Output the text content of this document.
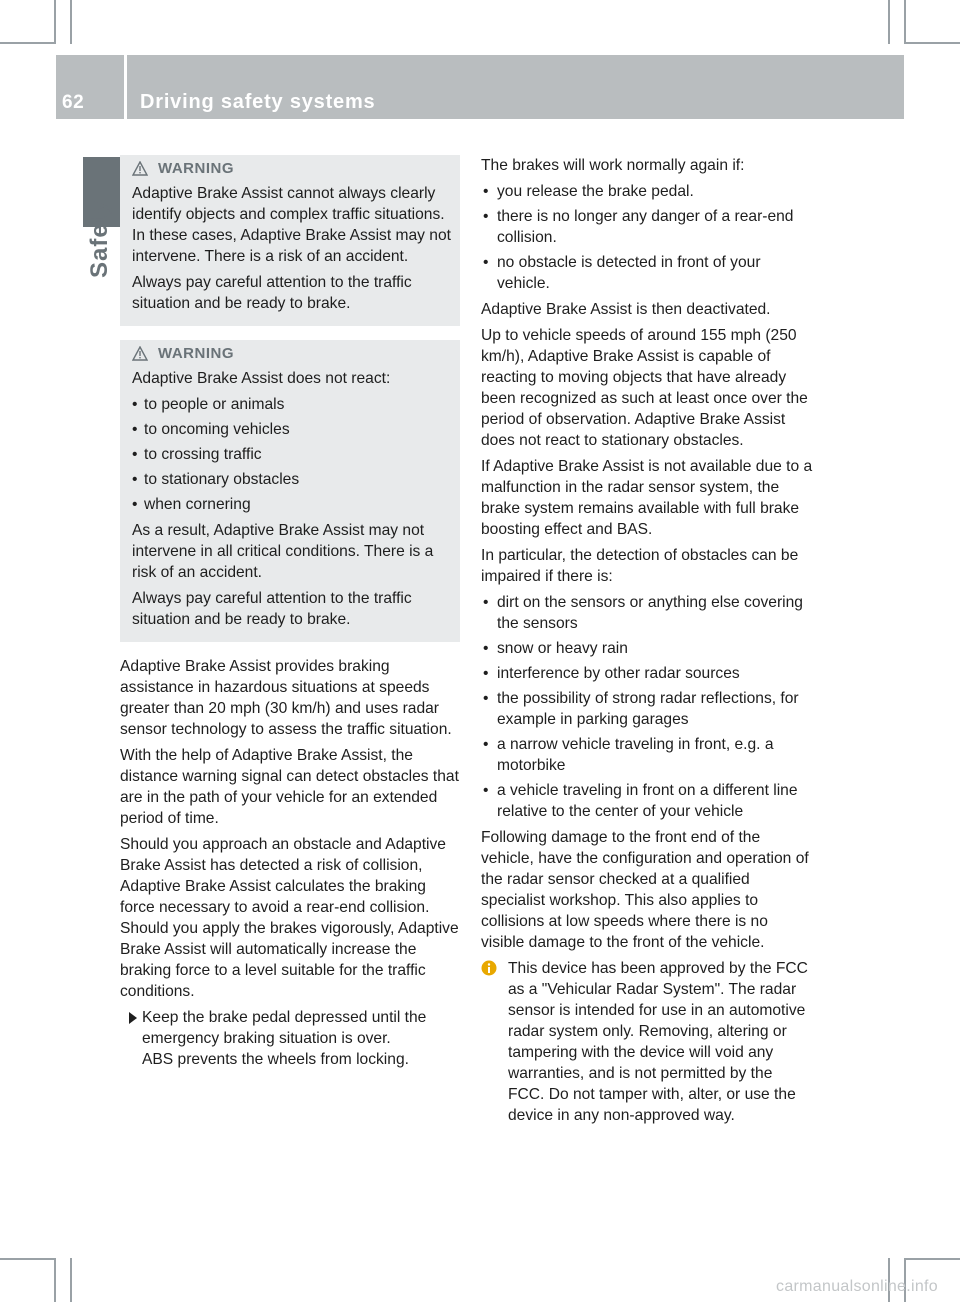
62	Driving safety systems
Safety
WARNING

Adaptive Brake Assist cannot always clearly identify objects and complex traffic situations. In these cases, Adaptive Brake Assist may not intervene. There is a risk of an accident.

Always pay careful attention to the traffic situation and be ready to brake.

WARNING

Adaptive Brake Assist does not react:

• to people or animals
• to oncoming vehicles
• to crossing traffic
• to stationary obstacles
• when cornering

As a result, Adaptive Brake Assist may not intervene in all critical conditions. There is a risk of an accident.

Always pay careful attention to the traffic situation and be ready to brake.

Adaptive Brake Assist provides braking assistance in hazardous situations at speeds greater than 20 mph (30 km/h) and uses radar sensor technology to assess the traffic situation.

With the help of Adaptive Brake Assist, the distance warning signal can detect obstacles that are in the path of your vehicle for an extended period of time.

Should you approach an obstacle and Adaptive Brake Assist has detected a risk of collision, Adaptive Brake Assist calculates the braking force necessary to avoid a rear-end collision. Should you apply the brakes vigorously, Adaptive Brake Assist will automatically increase the braking force to a level suitable for the traffic conditions.

Keep the brake pedal depressed until the emergency braking situation is over.
ABS prevents the wheels from locking.

The brakes will work normally again if:

• you release the brake pedal.
• there is no longer any danger of a rear-end collision.
• no obstacle is detected in front of your vehicle.

Adaptive Brake Assist is then deactivated.

Up to vehicle speeds of around 155 mph (250 km/h), Adaptive Brake Assist is capable of reacting to moving objects that have already been recognized as such at least once over the period of observation. Adaptive Brake Assist does not react to stationary obstacles.

If Adaptive Brake Assist is not available due to a malfunction in the radar sensor system, the brake system remains available with full brake boosting effect and BAS.

In particular, the detection of obstacles can be impaired if there is:

• dirt on the sensors or anything else covering the sensors
• snow or heavy rain
• interference by other radar sources
• the possibility of strong radar reflections, for example in parking garages
• a narrow vehicle traveling in front, e.g. a motorbike
• a vehicle traveling in front on a different line relative to the center of your vehicle

Following damage to the front end of the vehicle, have the configuration and operation of the radar sensor checked at a qualified specialist workshop. This also applies to collisions at low speeds where there is no visible damage to the front of the vehicle.

This device has been approved by the FCC as a "Vehicular Radar System". The radar sensor is intended for use in an automotive radar system only. Removing, altering or tampering with the device will void any warranties, and is not permitted by the FCC. Do not tamper with, alter, or use the device in any non-approved way.
carmanualsonline.info
